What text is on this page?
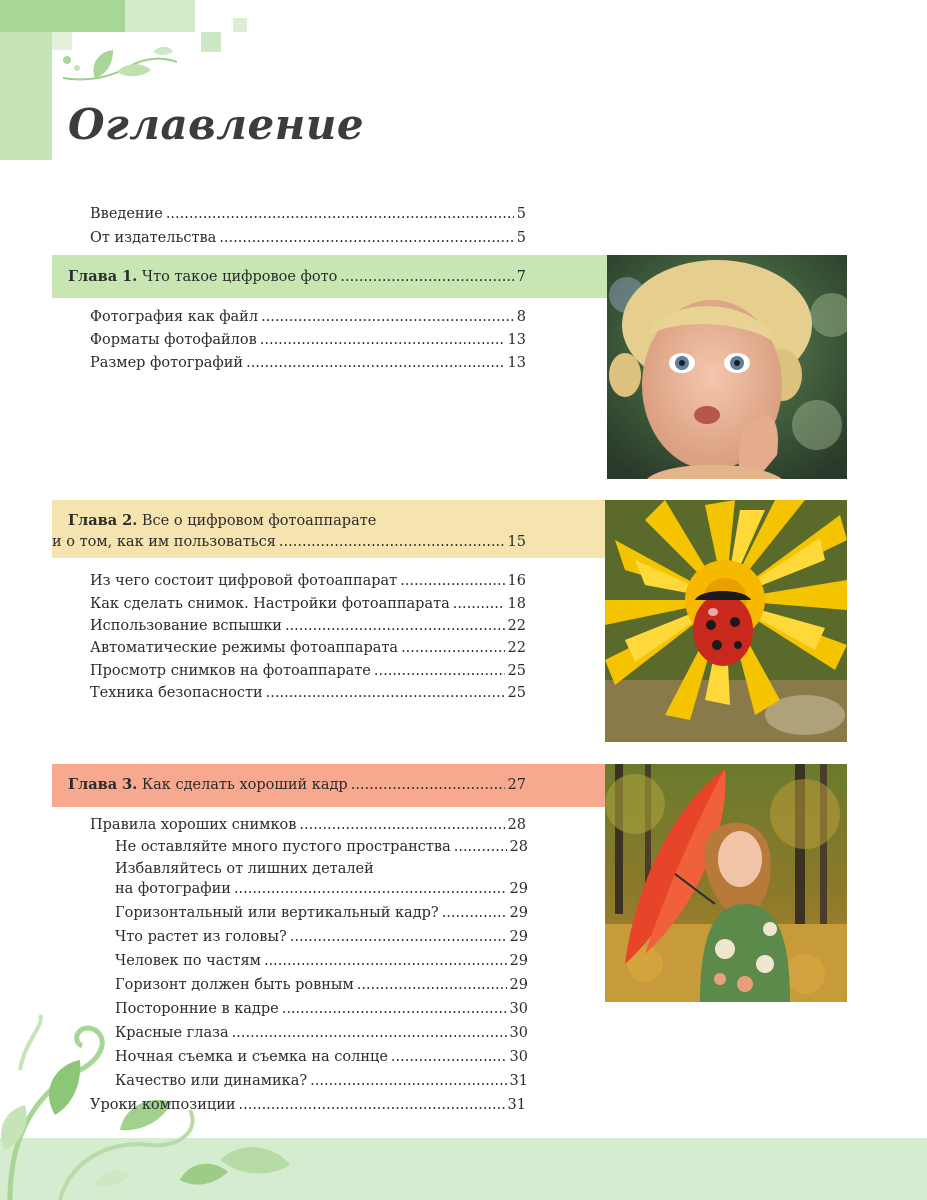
Оглавление
Введение .....	5
От издательства .....	5
Глава 1. Что такое цифровое фото .....	7
Фотография как файл .....	8
Форматы фотофайлов .....	13
Размер фотографий .....	13
Глава 2. Все о цифровом фотоаппарате
и о том, как им пользоваться .....	15
Из чего состоит цифровой фотоаппарат .....	16
Как сделать снимок. Настройки фотоаппарата .....	18
Использование вспышки .....	22
Автоматические режимы фотоаппарата .....	22
Просмотр снимков на фотоаппарате .....	25
Техника безопасности .....	25
Глава 3. Как сделать хороший кадр .....	27
Правила хороших снимков .....	28
Не оставляйте много пустого пространства .....	28
Избавляйтесь от лишних деталей
на фотографии .....	29
Горизонтальный или вертикальный кадр? .....	29
Что растет из головы? .....	29
Человек по частям .....	29
Горизонт должен быть ровным .....	29
Посторонние в кадре .....	30
Красные глаза .....	30
Ночная съемка и съемка на солнце .....	30
Качество или динамика? .....	31
Уроки композиции .....	31
